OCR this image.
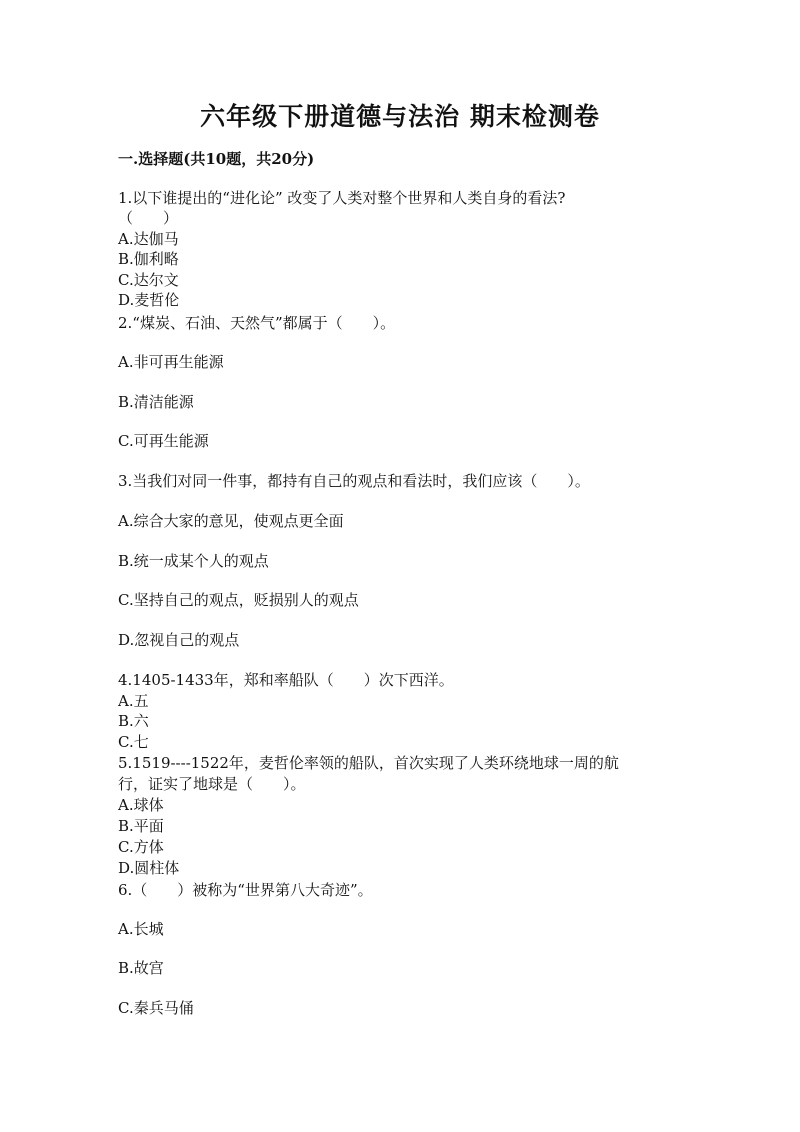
六年级下册道德与法治 期末检测卷
一.选择题(共10题，共20分)
1.以下谁提出的“进化论” 改变了人类对整个世界和人类自身的看法?
（　　）
A.达伽马
B.伽利略
C.达尔文
D.麦哲伦
2.“煤炭、石油、天然气”都属于（　　）。
A.非可再生能源
B.清洁能源
C.可再生能源
3.当我们对同一件事，都持有自己的观点和看法时，我们应该（　　）。
A.综合大家的意见，使观点更全面
B.统一成某个人的观点
C.坚持自己的观点，贬损别人的观点
D.忽视自己的观点
4.1405-1433年，郑和率船队（　　）次下西洋。
A.五
B.六
C.七
5.1519----1522年，麦哲伦率领的船队，首次实现了人类环绕地球一周的航
行，证实了地球是（　　）。
A.球体
B.平面
C.方体
D.圆柱体
6.（　　）被称为“世界第八大奇迹”。
A.长城
B.故宫
C.秦兵马俑
